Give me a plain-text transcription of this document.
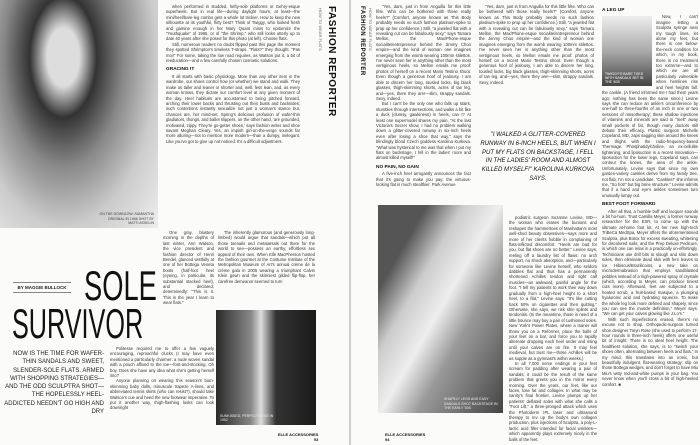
ON THE DOWNLOW: SAMANTHA ORIGINAL IN 1966 SHOT BY MATTI ASSELIN

when performed in studded, hefty-sole platforms or Gehry-esque superheels. But in real life—during daylight hours, at least—the mini/heel/bare-leg combo gets a whole lot trickier. How to keep the new silhouette at its youthful, flirty best? Think of Twiggy, who looked fresh and gamine enough in her Mary Quant minis to epitomize the "Youthquake" of 1965, or of "the Shrimp," who still looks utterly up to date 40 years after she posed for this photo (at left). Choose flats.

Still, numerous readers no doubt flipped past this page the moment they spotted Shrimpton's timeless T-straps. "Flats?" they thought. "Pas moi!" For some, taking the low road requires, as Watson put it, a bit of reeducation—and a few carefully chosen cosmetic solutions.

GRACING IT

It all starts with basic physiology. More than any other item in the wardrobe, our shoes control how (or whether) we stand and walk. They make us taller and leaner or shorter and, well, less lean, and, as every woman knows, they dictate our comfort level at any given moment of the day. Heel habitués are accustomed to being pitched forward, arching their lower backs and thrusting out their busts and backsides; such contortions instantly sexualize not just a woman's stance but, chances are, her mind-set. Spring's delicious profusion of wafer-thin gladiators, thongs, and ballet slippers, on the other hand, 'are grounded, motivated, zippy. They're go-getter shoes,' says fashion writer and shoe savant Meghan Cleary. Yes, an impish girl-on-the-verge sounds far more alluring—not to mention more modern—than a dumpy, inelegant. Like you've got to give up not noticed. It's a difficult adjustment.

The inherently glamorous (and generously long-limbed) would argue that sandals—which put all those toenails and metatarsals out there for the world to see—possess an earthy, effortless sex appeal of their own. When Elle MacPherson hosted the fashion gourmet at the Costume Institute of the Metropolitan Museum of Art's annual crème de la crème gala in 2005 wearing a triumphant Calvin Klein gown and the skinniest gilded flip-flop, her carefree demeanor seemed to turn

FASHION REPORTER
HOW TO WEAR FLATS
BY MAGGIE BULLOCK SOLE
SURVIVOR
NOW IS THE TIME FOR WAFER-THIN SANDALS AND SWEET, SLENDER-SOLE FLATS. ARMED WITH SHOPPING STRATEGIES—AND THE ODD SCULPTRA SHOT—THE HOPELESSLY HEEL-ADDICTED NEEDN'T GO HIGH AND DRY

One gray, blustery morning in the depths of last winter, Ann Watson, the vice president and fashion director of Henri Bendel, glanced wistfully at one of her Bottega Veneta boots (half-foot heel (eyeing, in particular, its substantial stacked heel), and declared, determinedly: "This is it. This is the year I learn to wear flats."

Politesse required me to offer a few vaguely encouraging, reproachful clucks (I may have even mentioned a particularly charmer: a nude woven sandal with a pouch affixed to the toe—foot-and-stocking. Oh boy. Does she have any idea what she's getting herself into?

Anyone planning on wearing this season's bum-skimming baby dolls, minuscule trapeze A-lines, and abbreviated tennis skirts (who can resist?), should take Watson's cue and heed the new footwear imperative. To put it another way, thigh-flashing looks can look downright

SUNKISSED, PERFECT LEGS IN 1952
ELLE ACCESSORIES
93
FASHION REPORTER HOW TO WEAR FLATS

"Yes, darn, just in from Anguilla for this little fête. Who can be bothered with those really heels?" (Comfort, anyone known as This Body probably needs no such fashion platinum-spike to prop up her confidence.) Still, "a jeweled flat with a revealing cut can be fabulously sexy," says Tamara Mellon, the Max/Phone-esque socialite/entrepreneur behind the Jimmy Choo empire—and the kind of woman one imagines emerging from the womb wearing 100mm stilettos. I've never seen her in anything other than the most vertiginous heels, so Mellon emails me proof: photos of herself on a recent Mario Testino shoot. Even though a generous hoof of jealousy, I am able to discern her long, tousled locks, big black glasses, thigh-skimming shorts, acres of tan leg, and—yes, there they are!—slim, strappy sandals. Sexy, indeed.

But I can't be the only one who falls up stairs, stumbles through intersections, and walks a bit like a duck (clumsy, gawkiness) in heels, can I? At least one supermodel shares my pain. "At the last Victoria's Secret show, I had no problem walking down a glitter-covered runway in six-inch heels even after losing a shoe that way," says the blindingly blond Czech goddess Karolina Kurkova. "What was hysterical to me was that when I put my flats on backstage, I fell in the ladies' room and almost killed myself!"

NO PAIN, NO GAIN

A five-inch heel arrogantly announces the fact that it's going to make you pay; the virtuous-looking flat is much stealthier. Park Avenue

SHAPELY LEGS AND EASY SANDALS SHOT BACKSTAGE IN THE EARLY '50S

"Yes, darn, just in from Anguilla for this little fête. Who can be bothered with those really heels?" (Comfort, anyone known as This Body probably needs no such fashion platinum-spike to prop up her confidence.) Still, "a jeweled flat with a revealing cut can be fabulously sexy," says Tamara Mellon, the Max/Phone-esque socialite/entrepreneur behind the Jimmy Choo empire—and the kind of woman one imagines emerging from the womb wearing 100mm stilettos. I've never seen her in anything other than the most vertiginous heels, so Mellon emails me proof: photos of herself on a recent Mario Testino shoot. Even though a generous hoof of jealousy, I am able to discern her long, tousled locks, big black glasses, thigh-skimming shorts, acres of tan leg, and—yes, there they are!—slim, strappy sandals. Sexy, indeed.

"I WALKED A GLITTER-COVERED RUNWAY IN 6-INCH HEELS, BUT WHEN I PUT MY FLATS ON BACKSTAGE, I FELL IN THE LADIES' ROOM AND ALMOST KILLED MYSELF!" KAROLINA KURKOVA SAYS.

podiatric surgeon Suzanne Levine, MD—the woman who erases the bunions and reshapes the hammertoes of Manhattan's most well-shod beauty obsessives—says more and more of her clients hobble in complaining of flats-inflicted discomfort. "Heels are bad for you, but flat shoes are no better," Levine says, reeling off a laundry list of flaws: no arch support, no shock absorption, and—particularly for someone like Levine herself, who seldom dabbles flat and thus has a permanently shortened Achilles tendon and tight calf muscles—an awkward, painful angle for the foot. "I tell my patients to work their way down gradually from a high-heel height to a short heel, to a flat," Levine says. "It's like cutting back 50% on cigarettes and then quitting." Otherwise, she says, we risk shin splints and tendonitis. (In the meantime, those in need of a little bounce may buy a pair of cushioned soles. New York's Power Plates, where a trainer will throw you on a Reformer, place the balls of your feet on a bar, and force you to rapidly alternate dropping each heel under and rising until your calves are on fire. It may feel medieval, but trust me—those Achilles will be as supple as a gymnast's within weeks.)

In all 7,000 nerve endings in your feet scream for padding after wearing a pair of sandals, it could be the result of the same problem that greets you in the mirror every morning. Over the years, our feet, like our faces, lose fat and collagen. In what may be vanity's final frontier, Levine plumps up her patients' deflated soles with what she calls a "Foot Lift," a three-pronged attack which uses the Photoderm IPL laser and ultrasound therapy to rev up the body's own collagen production, plus injections of Sculptra, a poly-L-lactic acid filler intended for facial wrinkles—which apparently plays extremely nicely in the balls of the feet.

A LEG UP
TWIGGY'S BARE TOES WITH SANDALS SET IN THE '60S

Now, I can't imagine letting a Sculptra syringe near my tough lines, let alone my feet, but there is one below-the-neck condition for which, in my book, there is no treatment too extreme—and to which we are all particularly vulnerable when hemlines rise and heel heights fall: the cankle. (A friend informed me I had them years ago; nothing has been the same since.) Levine says she can reduce an ankle's circumference by one-half to three-fourths of an inch in one or two sessions of mesotherapy; these shallow injections of vitamins and minerals are said to "melt" away small pockets of fat, though many doctors still debate their efficacy. Plastic surgeon Michelle Copeland, MD, zaps sagging skin around the knees and thighs with the radio-frequency-based Thermage. Phosphatidylcholine, an ex-cellulite tightening, and liposuction is a recent innovation—liposuction for the lower legs, Copeland says, can contour the knees, the area of the ankle. Unfortunately, Levine says that since my own garden-variety cankles derive from my family tree, not flab, I'm not a candidate. "Cankles!" she informs me, "So hot!" but big bone structure." Levine admits that if a hand and eye's ankles sometimes turn unusually lumpy out.

BEST FOOT FORWARD

After all that, a humble buff and lacquer sounds a bit ho-hum. Trust Camilla Meyer, a former runway researcher for the ESR, to come up with the ultimate at-home foot kit. At her new high-tech TriBeCa MedSpa, Meyer offers the aforementioned Sculptra, plus Botox for excess sweating, whitening for discolored nails, and the Prep Deluxe Pedicure, in which one can relax in a practically un-effortingly. Technicians use drill bits to slough and slim down soles, then eliminate dead skin with fern leaves to ice. Hibiscus/Brazilicoins, a new take on microdermabrasion that employs sandblasted pebbles instead of a high-powered spray of crystals (which, according to Meyer, can produce tiniest cuts more). Afterward, feet are subjected to a heated scrub, a fruit-based masque, a plumping hyaluronic acid and hydrating squeeze. To make the whole leg look more defined and shapely, since you can see the muscle definition," Meyer says. "We can get your calves glowing like J.Lo's."

With such imperfections erased, there's no excuse not to shop. Orthopedic-surgeon turned shoe designer Taryn Rose (she used to perform 17-hour rounds in three-inch heels) offers one useful bit of insight: There is no ideal heel height. The healthiest solution, she says, is to "switch your shoes often, alternating between heels and flats." In my mind, this translates into an ironic, but beautifully indulgent, flat-wearing strategy: slip on those Bottega wedges, and don't forget to have Miu Miu's witty red-and-white pumps in your bag. You never know when you'll cross a bit of high-heeled comfort. ■

ELLE ACCESSORIES
94
